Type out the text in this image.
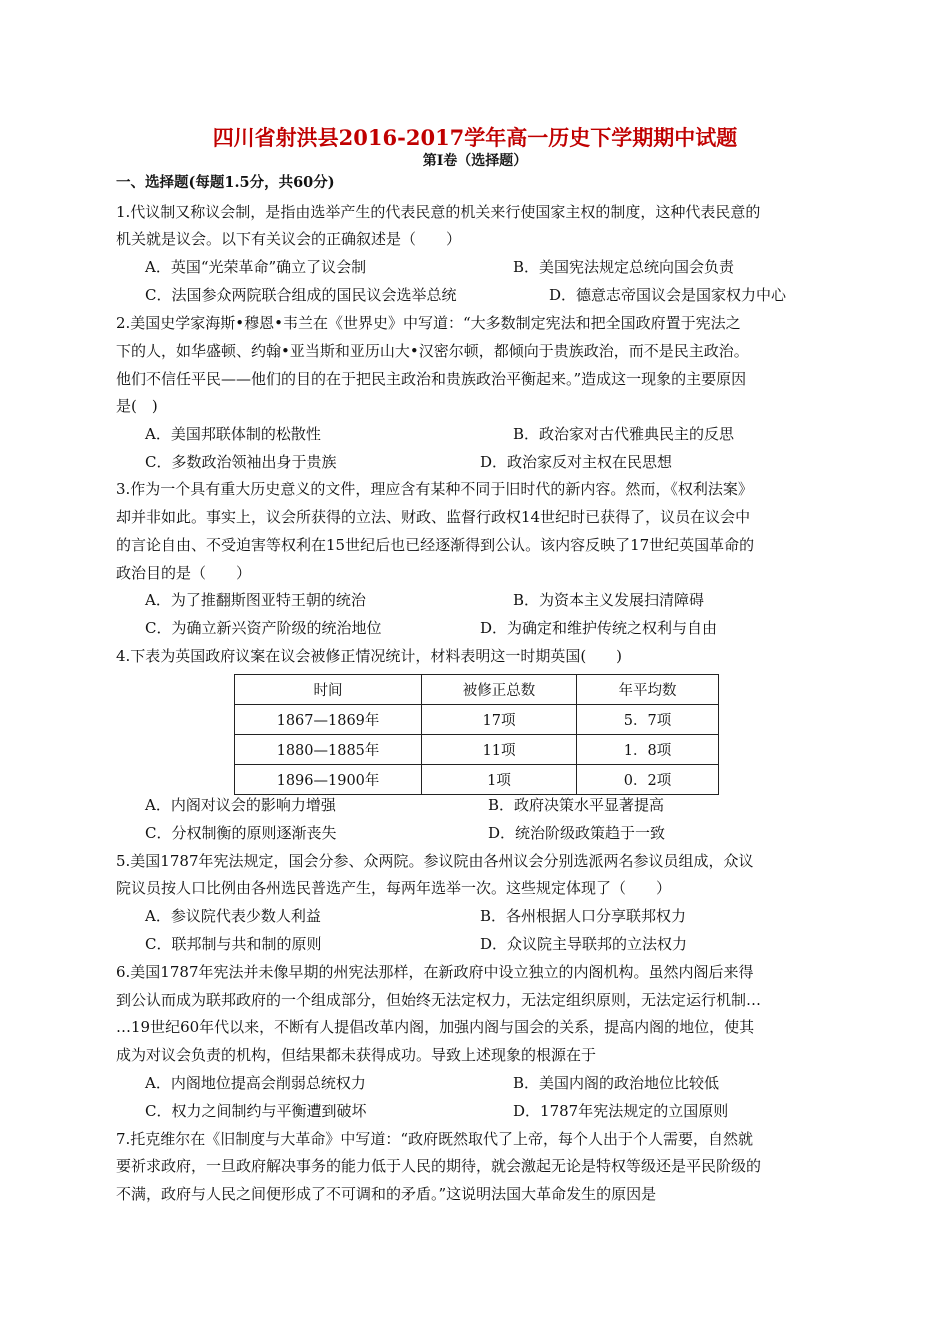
四川省射洪县2016-2017学年高一历史下学期期中试题
第Ⅰ卷（选择题）
一、选择题(每题1.5分，共60分)
1.代议制又称议会制，是指由选举产生的代表民意的机关来行使国家主权的制度，这种代表民意的
机关就是议会。以下有关议会的正确叙述是（　　）
A．英国“光荣革命”确立了议会制	B．美国宪法规定总统向国会负责
C．法国参众两院联合组成的国民议会选举总统	D．德意志帝国议会是国家权力中心
2.美国史学家海斯•穆恩•韦兰在《世界史》中写道：“大多数制定宪法和把全国政府置于宪法之
下的人，如华盛顿、约翰•亚当斯和亚历山大•汉密尔顿，都倾向于贵族政治，而不是民主政治。
他们不信任平民——他们的目的在于把民主政治和贵族政治平衡起来。”造成这一现象的主要原因
是(　)
A．美国邦联体制的松散性	B．政治家对古代雅典民主的反思
C．多数政治领袖出身于贵族	D．政治家反对主权在民思想
3.作为一个具有重大历史意义的文件，理应含有某种不同于旧时代的新内容。然而，《权利法案》
却并非如此。事实上，议会所获得的立法、财政、监督行政权14世纪时已获得了，议员在议会中
的言论自由、不受迫害等权利在15世纪后也已经逐渐得到公认。该内容反映了17世纪英国革命的
政治目的是（　　）
A．为了推翻斯图亚特王朝的统治	B．为资本主义发展扫清障碍
C．为确立新兴资产阶级的统治地位	D．为确定和维护传统之权利与自由
4.下表为英国政府议案在议会被修正情况统计，材料表明这一时期英国(　　)
时间	被修正总数	年平均数
1867—1869年	17项	5．7项
1880—1885年	11项	1．8项
1896—1900年	1项	0．2项
A．内阁对议会的影响力增强	B．政府决策水平显著提高
C．分权制衡的原则逐渐丧失	D．统治阶级政策趋于一致
5.美国1787年宪法规定，国会分参、众两院。参议院由各州议会分别选派两名参议员组成，众议
院议员按人口比例由各州选民普选产生，每两年选举一次。这些规定体现了（　　）
A．参议院代表少数人利益	B．各州根据人口分享联邦权力
C．联邦制与共和制的原则	D．众议院主导联邦的立法权力
6.美国1787年宪法并未像早期的州宪法那样，在新政府中设立独立的内阁机构。虽然内阁后来得
到公认而成为联邦政府的一个组成部分，但始终无法定权力，无法定组织原则，无法定运行机制…
…19世纪60年代以来，不断有人提倡改革内阁，加强内阁与国会的关系，提高内阁的地位，使其
成为对议会负责的机构，但结果都未获得成功。导致上述现象的根源在于
A．内阁地位提高会削弱总统权力	B．美国内阁的政治地位比较低
C．权力之间制约与平衡遭到破坏	D．1787年宪法规定的立国原则
7.托克维尔在《旧制度与大革命》中写道：“政府既然取代了上帝，每个人出于个人需要，自然就
要祈求政府，一旦政府解决事务的能力低于人民的期待，就会激起无论是特权等级还是平民阶级的
不满，政府与人民之间便形成了不可调和的矛盾。”这说明法国大革命发生的原因是
